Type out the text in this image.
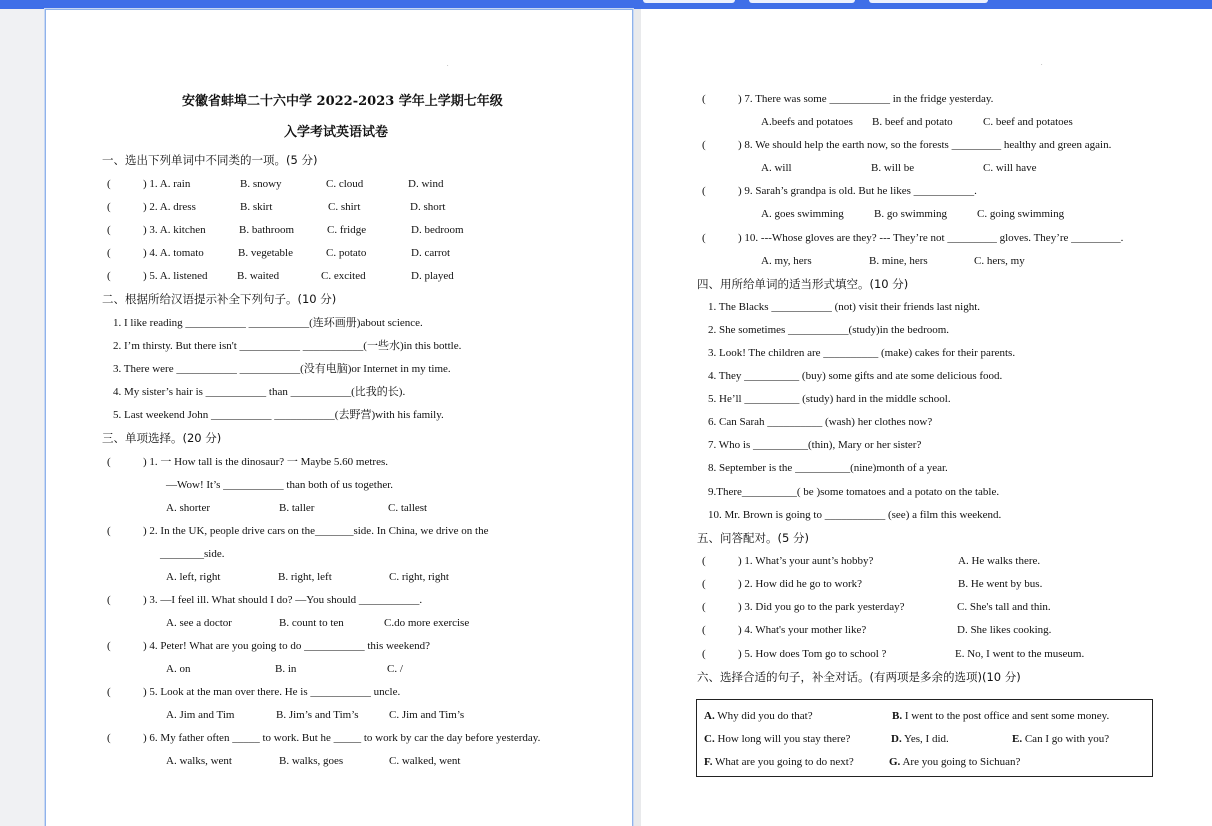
.	.
安徽省蚌埠二十六中学 2022-2023 学年上学期七年级
入学考试英语试卷
一、选出下列单词中不同类的一项。(5 分)
(	) 1. A. rain	B. snowy	C. cloud	D. wind
(	) 2. A. dress	B. skirt	C. shirt	D. short
(	) 3. A. kitchen	B. bathroom	C. fridge	D. bedroom
(	) 4. A. tomato	B. vegetable	C. potato	D. carrot
(	) 5. A. listened	B. waited	C. excited	D. played
二、根据所给汉语提示补全下列句子。(10 分)
1. I like reading ___________ ___________(连环画册)about science.
2. I’m thirsty. But there isn't ___________ ___________(一些水)in this bottle.
3. There were ___________ ___________(没有电脑)or Internet in my time.
4. My sister’s hair is ___________ than ___________(比我的长).
5. Last weekend John ___________ ___________(去野营)with his family.
三、单项选择。(20 分)
(	) 1. 一 How tall is the dinosaur? 一 Maybe 5.60 metres.
—Wow! It’s ___________ than both of us together.
A. shorter	B. taller	C. tallest
(	) 2. In the UK, people drive cars on the_______side. In China, we drive on the
________side.
A. left, right	B. right, left	C. right, right
(	) 3. —I feel ill. What should I do? —You should ___________.
A. see a doctor	B. count to ten	C.do more exercise
(	) 4. Peter! What are you going to do ___________ this weekend?
A. on	B. in	C. /
(	) 5. Look at the man over there. He is ___________ uncle.
A. Jim and Tim	B. Jim’s and Tim’s	C. Jim and Tim’s
(	) 6. My father often _____ to work. But he _____ to work by car the day before yesterday.
A. walks, went	B. walks, goes	C. walked, went
(	) 7. There was some ___________ in the fridge yesterday.
A.beefs and potatoes B. beef and potato	C. beef and potatoes
(	) 8. We should help the earth now, so the forests _________ healthy and green again.
A. will	B. will be	C. will have
(	) 9. Sarah’s grandpa is old. But he likes ___________.
A. goes swimming	B. go swimming	C. going swimming
(	) 10. ---Whose gloves are they? --- They’re not _________ gloves. They’re _________.
A. my, hers	B. mine, hers	C. hers, my
四、用所给单词的适当形式填空。(10 分)
1. The Blacks ___________ (not) visit their friends last night.
2. She sometimes ___________(study)in the bedroom.
3. Look! The children are __________ (make) cakes for their parents.
4. They __________ (buy) some gifts and ate some delicious food.
5. He’ll __________ (study) hard in the middle school.
6. Can Sarah __________ (wash) her clothes now?
7. Who is __________(thin), Mary or her sister?
8. September is the __________(nine)month of a year.
9.There__________( be )some tomatoes and a potato on the table.
10. Mr. Brown is going to ___________ (see) a film this weekend.
五、问答配对。(5 分)
(	) 1. What’s your aunt’s hobby?	A. He walks there.
(	) 2. How did he go to work?	B. He went by bus.
(	) 3. Did you go to the park yesterday?	C. She's tall and thin.
(	) 4. What's your mother like?	D. She likes cooking.
(	) 5. How does Tom go to school ?	E. No, I went to the museum.
六、选择合适的句子，补全对话。(有两项是多余的选项)(10 分)
A. Why did you do that?	B. I went to the post office and sent some money.
C. How long will you stay there?	D. Yes, I did.	E. Can I go with you?
F. What are you going to do next?	G. Are you going to Sichuan?
